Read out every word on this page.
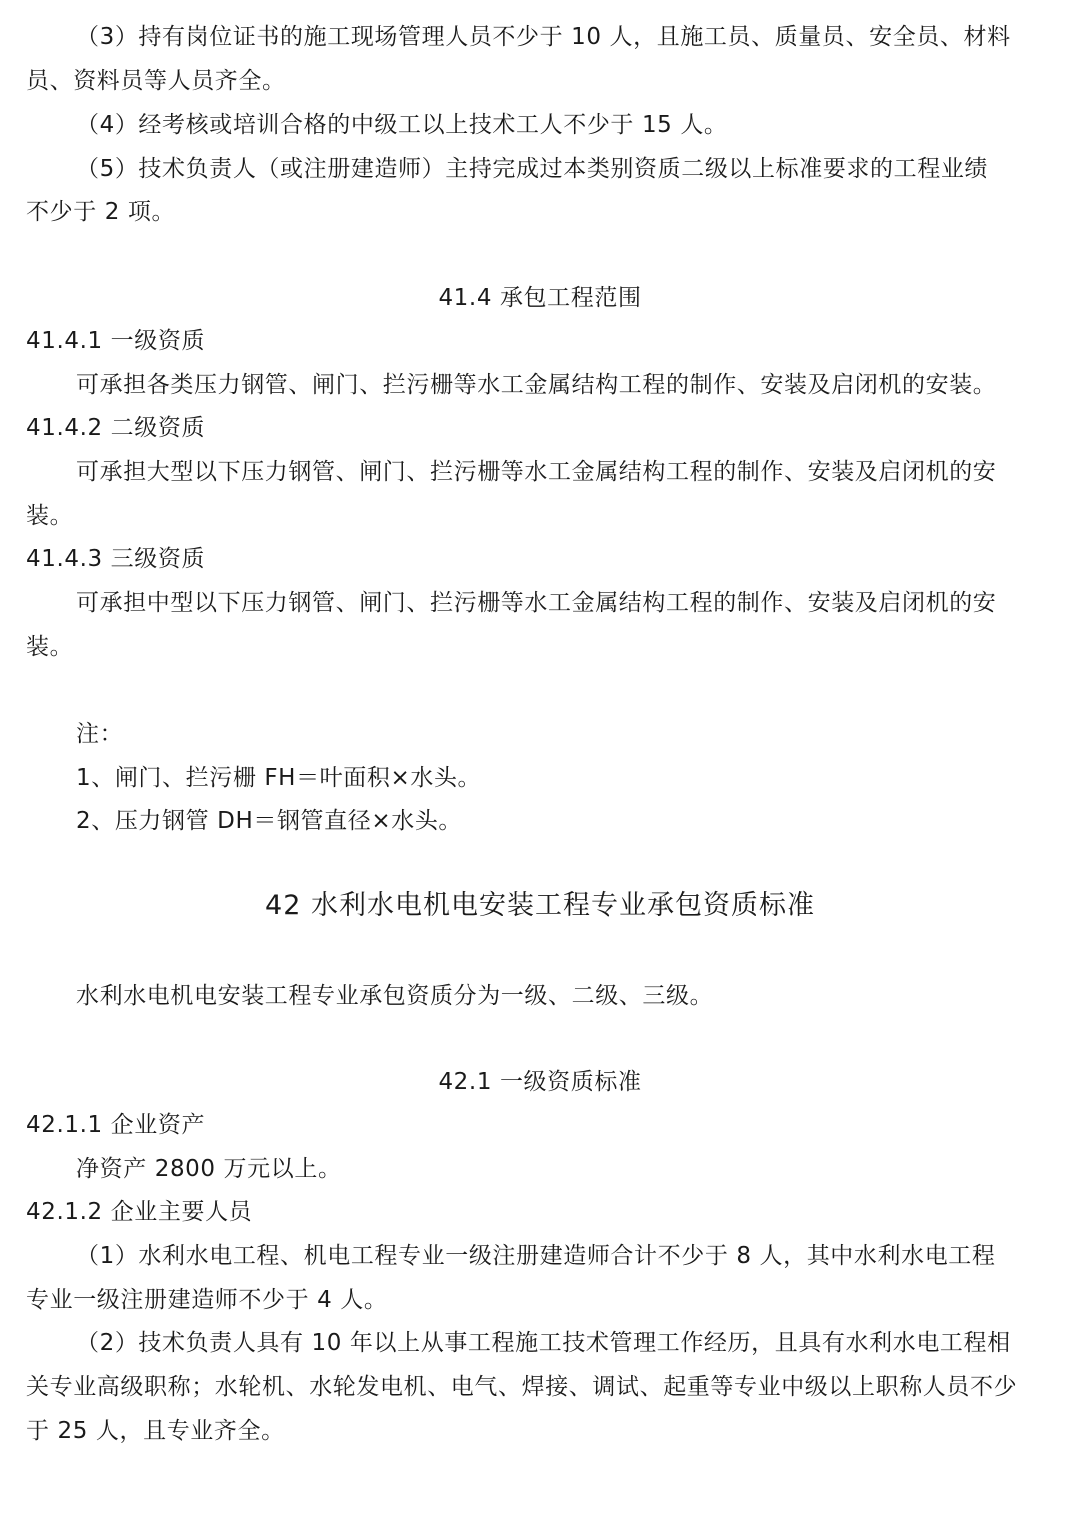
（3）持有岗位证书的施工现场管理人员不少于 10 人，且施工员、质量员、安全员、材料
员、资料员等人员齐全。
（4）经考核或培训合格的中级工以上技术工人不少于 15 人。
（5）技术负责人（或注册建造师）主持完成过本类别资质二级以上标准要求的工程业绩
不少于 2 项。
41.4 承包工程范围
41.4.1 一级资质
可承担各类压力钢管、闸门、拦污栅等水工金属结构工程的制作、安装及启闭机的安装。
41.4.2 二级资质
可承担大型以下压力钢管、闸门、拦污栅等水工金属结构工程的制作、安装及启闭机的安
装。
41.4.3 三级资质
可承担中型以下压力钢管、闸门、拦污栅等水工金属结构工程的制作、安装及启闭机的安
装。
注：
1、闸门、拦污栅 FH＝叶面积×水头。
2、压力钢管 DH＝钢管直径×水头。
42 水利水电机电安装工程专业承包资质标准
水利水电机电安装工程专业承包资质分为一级、二级、三级。
42.1 一级资质标准
42.1.1 企业资产
净资产 2800 万元以上。
42.1.2 企业主要人员
（1）水利水电工程、机电工程专业一级注册建造师合计不少于 8 人，其中水利水电工程
专业一级注册建造师不少于 4 人。
（2）技术负责人具有 10 年以上从事工程施工技术管理工作经历，且具有水利水电工程相
关专业高级职称；水轮机、水轮发电机、电气、焊接、调试、起重等专业中级以上职称人员不少
于 25 人，且专业齐全。
